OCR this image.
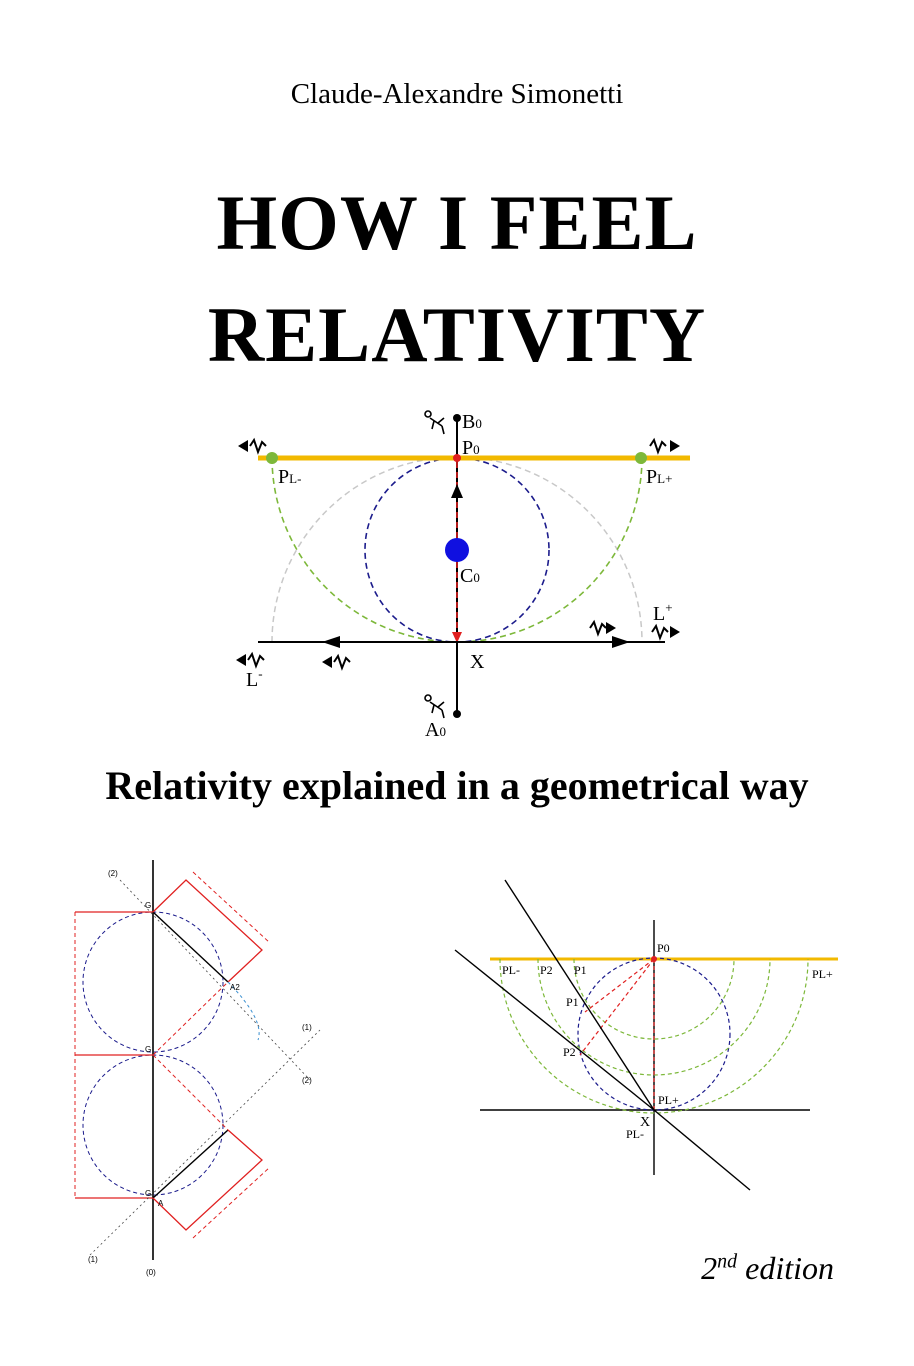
Claude-Alexandre Simonetti
HOW I FEEL
RELATIVITY
B0
P0
PL-	PL+
C0
L+
L-
X
A0
G
G
G
(2)
(1)
(2)
(1)
(0)
A
A2
P0
PL- P2 P1	PL+
P1
P2
PL+
X
PL-
Relativity explained in a geometrical way
2nd edition
